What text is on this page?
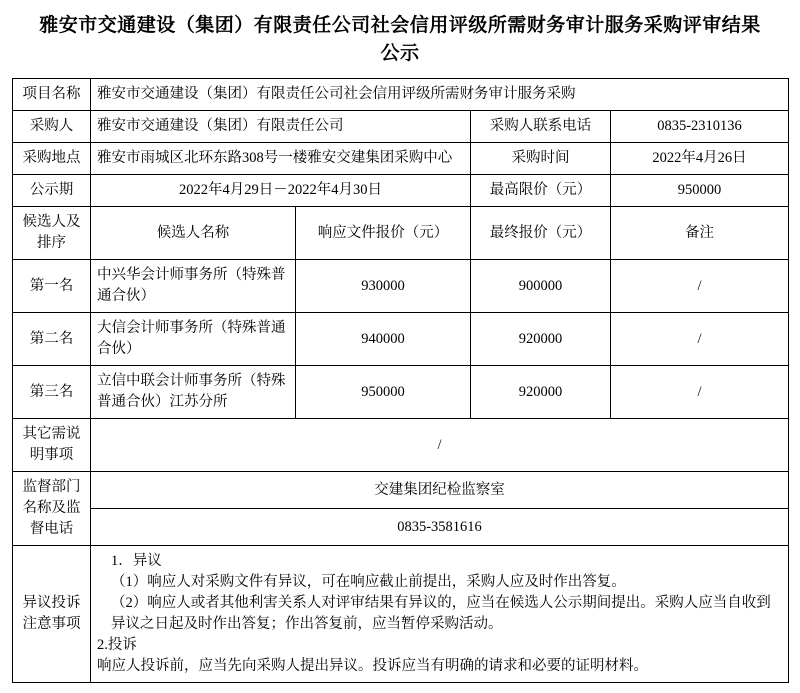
雅安市交通建设（集团）有限责任公司社会信用评级所需财务审计服务采购评审结果公示
项目名称	雅安市交通建设（集团）有限责任公司社会信用评级所需财务审计服务采购			
采购人	雅安市交通建设（集团）有限责任公司		采购人联系电话	0835-2310136
采购地点	雅安市雨城区北环东路308号一楼雅安交建集团采购中心		采购时间	2022年4月26日
公示期	2022年4月29日－2022年4月30日		最高限价（元）	950000
候选人及排序	候选人名称	响应文件报价（元）	最终报价（元）	备注
第一名	中兴华会计师事务所（特殊普通合伙）	930000	900000	/
第二名	大信会计师事务所（特殊普通合伙）	940000	920000	/
第三名	立信中联会计师事务所（特殊普通合伙）江苏分所	950000	920000	/
其它需说明事项	/			
监督部门名称及监督电话	交建集团纪检监察室			
	0835-3581616			
异议投诉注意事项	1．异议

（1）响应人对采购文件有异议，可在响应截止前提出，采购人应及时作出答复。

（2）响应人或者其他利害关系人对评审结果有异议的，应当在候选人公示期间提出。采购人应当自收到异议之日起及时作出答复；作出答复前，应当暂停采购活动。

2.投诉

响应人投诉前，应当先向采购人提出异议。投诉应当有明确的请求和必要的证明材料。			
